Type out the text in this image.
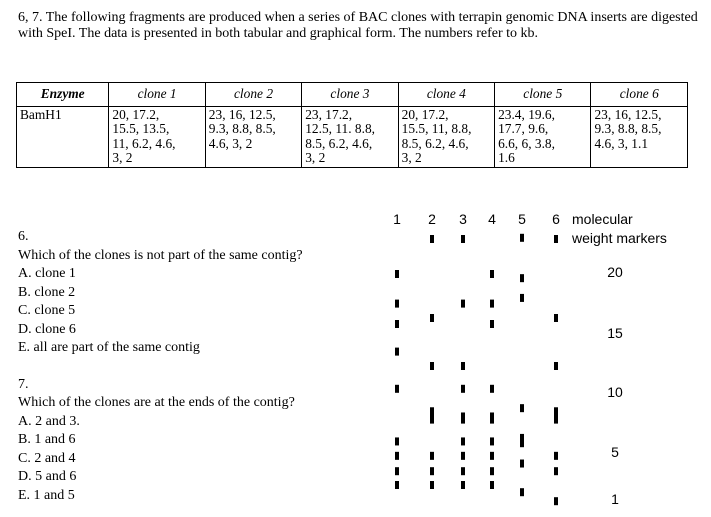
6, 7. The following fragments are produced when a series of BAC clones with terrapin genomic DNA inserts are digested with SpeI. The data is presented in both tabular and graphical form. The numbers refer to kb.

Enzyme	clone 1	clone 2	clone 3	clone 4	clone 5	clone 6
BamH1	20, 17.2,
15.5, 13.5,
11, 6.2, 4.6,
3, 2	23, 16, 12.5,
9.3, 8.8, 8.5,
4.6, 3, 2	23, 17.2,
12.5, 11. 8.8,
8.5, 6.2, 4.6,
3, 2	20, 17.2,
15.5, 11, 8.8,
8.5, 6.2, 4.6,
3, 2	23.4, 19.6,
17.7, 9.6,
6.6, 6, 3.8,
1.6	23, 16, 12.5,
9.3, 8.8, 8.5,
4.6, 3, 1.1

6.

Which of the clones is not part of the same contig?

A. clone 1

B. clone 2

C. clone 5

D. clone 6

E. all are part of the same contig

7.

Which of the clones are at the ends of the contig?

A. 2 and 3.

B. 1 and 6

C. 2 and 4

D. 5 and 6

E. 1 and 5

1 2 3 4 5 6 molecular
weight markers
20
15
10
5
1
